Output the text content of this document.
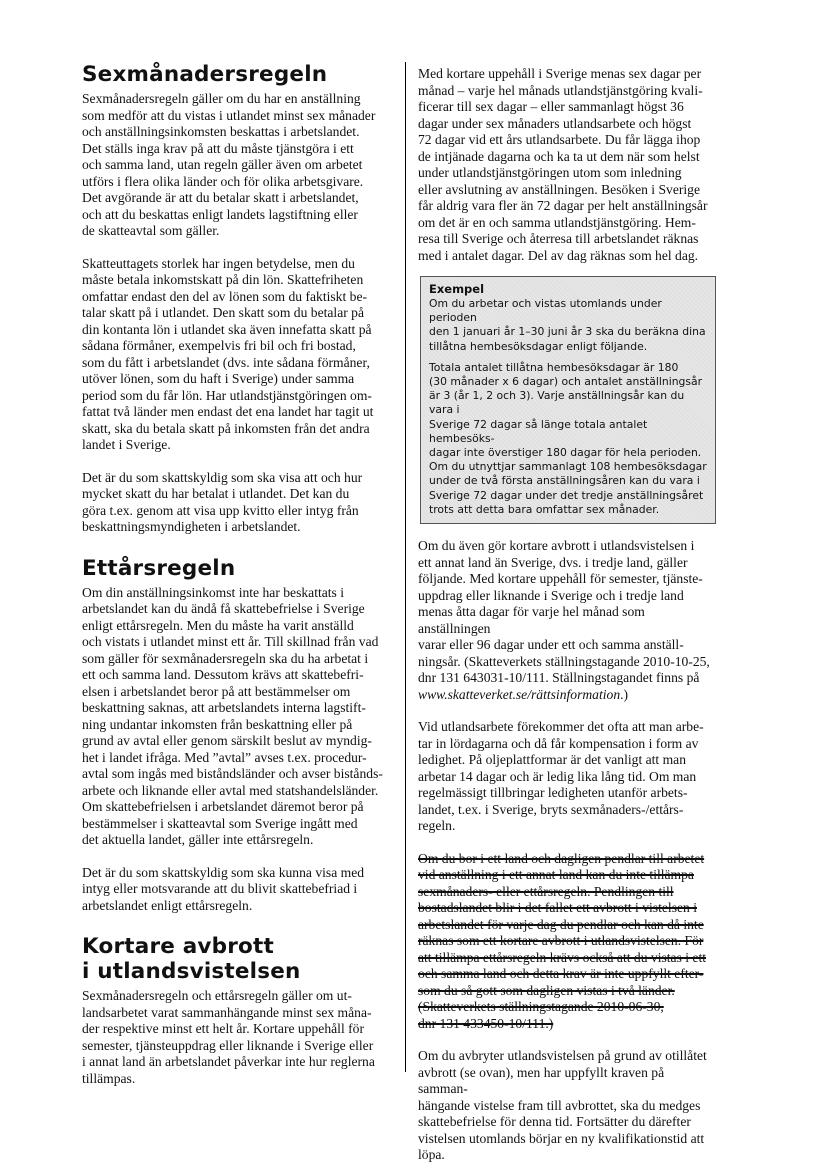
Sexmånadersregeln

Sexmånadersregeln gäller om du har en anställning
som medför att du vistas i utlandet minst sex månader
och anställningsinkomsten beskattas i arbetslandet.
Det ställs inga krav på att du måste tjänstgöra i ett
och samma land, utan regeln gäller även om arbetet
utförs i flera olika länder och för olika arbetsgivare.
Det avgörande är att du betalar skatt i arbetslandet,
och att du beskattas enligt landets lagstiftning eller
de skatteavtal som gäller.

Skatteuttagets storlek har ingen betydelse, men du
måste betala inkomstskatt på din lön. Skattefriheten
omfattar endast den del av lönen som du faktiskt be-
talar skatt på i utlandet. Den skatt som du betalar på
din kontanta lön i utlandet ska även innefatta skatt på
sådana förmåner, exempelvis fri bil och fri bostad,
som du fått i arbetslandet (dvs. inte sådana förmåner,
utöver lönen, som du haft i Sverige) under samma
period som du får lön. Har utlandstjänstgöringen om-
fattat två länder men endast det ena landet har tagit ut
skatt, ska du betala skatt på inkomsten från det andra
landet i Sverige.

Det är du som skattskyldig som ska visa att och hur
mycket skatt du har betalat i utlandet. Det kan du
göra t.ex. genom att visa upp kvitto eller intyg från
beskattningsmyndigheten i arbetslandet.

Ettårsregeln

Om din anställningsinkomst inte har beskattats i
arbetslandet kan du ändå få skattebefrielse i Sverige
enligt ettårsregeln. Men du måste ha varit anställd
och vistats i utlandet minst ett år. Till skillnad från vad
som gäller för sexmånadersregeln ska du ha arbetat i
ett och samma land. Dessutom krävs att skattebefri-
elsen i arbetslandet beror på att bestämmelser om
beskattning saknas, att arbetslandets interna lagstift-
ning undantar inkomsten från beskattning eller på
grund av avtal eller genom särskilt beslut av myndig-
het i landet ifråga. Med ”avtal” avses t.ex. procedur-
avtal som ingås med biståndsländer och avser bistånds-
arbete och liknande eller avtal med statshandelsländer.
Om skattebefrielsen i arbetslandet däremot beror på
bestämmelser i skatteavtal som Sverige ingått med
det aktuella landet, gäller inte ettårsregeln.

Det är du som skattskyldig som ska kunna visa med
intyg eller motsvarande att du blivit skattebefriad i
arbetslandet enligt ettårsregeln.

Kortare avbrott
i utlandsvistelsen

Sexmånadersregeln och ettårsregeln gäller om ut-
landsarbetet varat sammanhängande minst sex måna-
der respektive minst ett helt år. Kortare uppehåll för
semester, tjänsteuppdrag eller liknande i Sverige eller
i annat land än arbetslandet påverkar inte hur reglerna
tillämpas.

Med kortare uppehåll i Sverige menas sex dagar per
månad – varje hel månads utlandstjänstgöring kvali-
ficerar till sex dagar – eller sammanlagt högst 36
dagar under sex månaders utlandsarbete och högst
72 dagar vid ett års utlandsarbete. Du får lägga ihop
de intjänade dagarna och ka ta ut dem när som helst
under utlandstjänstgöringen utom som inledning
eller avslutning av anställningen. Besöken i Sverige
får aldrig vara fler än 72 dagar per helt anställningsår
om det är en och samma utlandstjänstgöring. Hem-
resa till Sverige och återresa till arbetslandet räknas
med i antalet dagar. Del av dag räknas som hel dag.

Exempel

Om du arbetar och vistas utomlands under perioden
den 1 januari år 1–30 juni år 3 ska du beräkna dina
tillåtna hembesöksdagar enligt följande.

Totala antalet tillåtna hembesöksdagar är 180
(30 månader x 6 dagar) och antalet anställningsår
är 3 (år 1, 2 och 3). Varje anställningsår kan du vara i
Sverige 72 dagar så länge totala antalet hembesöks-
dagar inte överstiger 180 dagar för hela perioden.
Om du utnyttjar sammanlagt 108 hembesöksdagar
under de två första anställningsåren kan du vara i
Sverige 72 dagar under det tredje anställningsåret
trots att detta bara omfattar sex månader.

Om du även gör kortare avbrott i utlandsvistelsen i
ett annat land än Sverige, dvs. i tredje land, gäller
följande. Med kortare uppehåll för semester, tjänste-
uppdrag eller liknande i Sverige och i tredje land
menas åtta dagar för varje hel månad som anställningen
varar eller 96 dagar under ett och samma anställ-
ningsår. (Skatteverkets ställningstagande 2010-10-25,
dnr 131 643031-10/111. Ställningstagandet finns på
www.skatteverket.se/rättsinformation.)

Vid utlandsarbete förekommer det ofta att man arbe-
tar in lördagarna och då får kompensation i form av
ledighet. På oljeplattformar är det vanligt att man
arbetar 14 dagar och är ledig lika lång tid. Om man
regelmässigt tillbringar ledigheten utanför arbets-
landet, t.ex. i Sverige, bryts sexmånaders-/ettårs-
regeln.

Om du bor i ett land och dagligen pendlar till arbetet
vid anställning i ett annat land kan du inte tillämpa
sexmånaders- eller ettårsregeln. Pendlingen till
bostadslandet blir i det fallet ett avbrott i vistelsen i
arbetslandet för varje dag du pendlar och kan då inte
räknas som ett kortare avbrott i utlandsvistelsen. För
att tillämpa ettårsregeln krävs också att du vistas i ett
och samma land och detta krav är inte uppfyllt efter-
som du så gott som dagligen vistas i två länder.
(Skatteverkets ställningstagande 2010-06-30,
dnr 131 433450-10/111.)

Om du avbryter utlandsvistelsen på grund av otillåtet
avbrott (se ovan), men har uppfyllt kraven på samman-
hängande vistelse fram till avbrottet, ska du medges
skattebefrielse för denna tid. Fortsätter du därefter
vistelsen utomlands börjar en ny kvalifikationstid att
löpa.
